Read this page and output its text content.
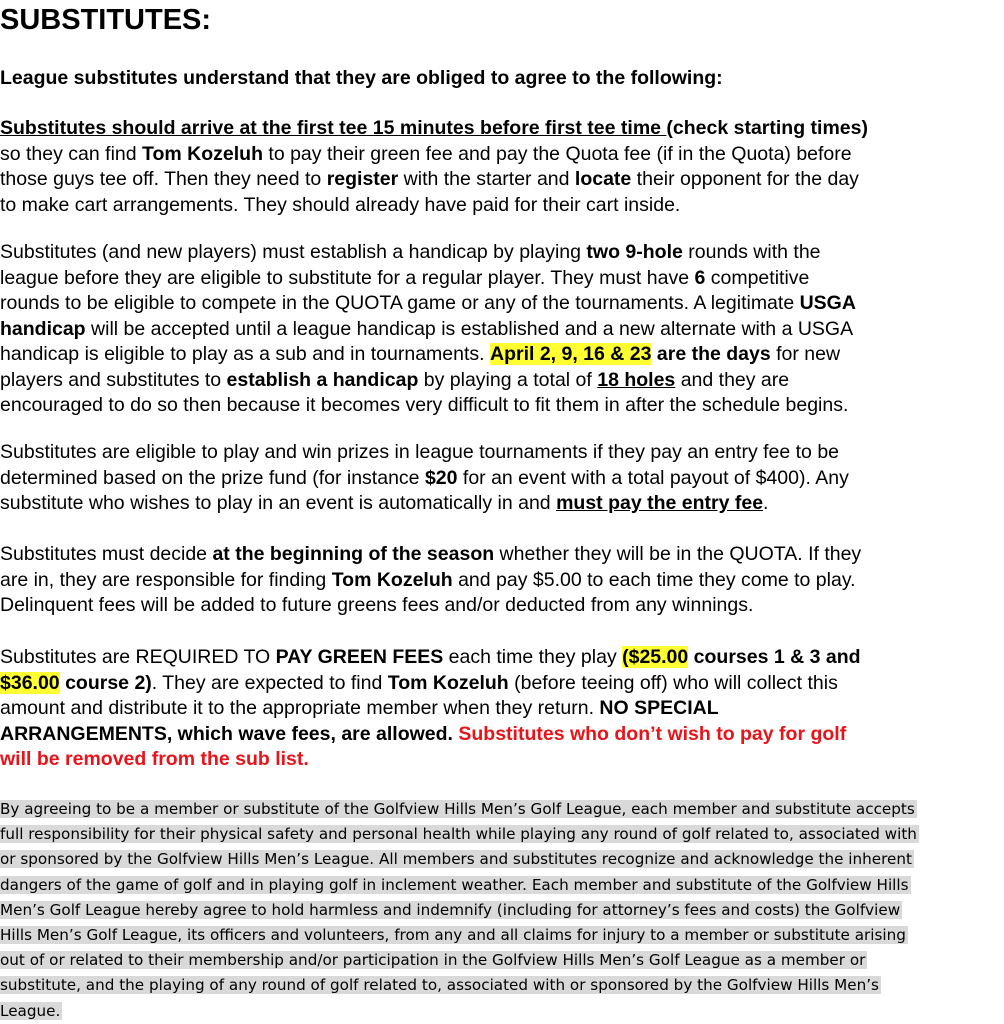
SUBSTITUTES:

League substitutes understand that they are obliged to agree to the following:

Substitutes should arrive at the first tee 15 minutes before first tee time (check starting times)
so they can find Tom Kozeluh to pay their green fee and pay the Quota fee (if in the Quota) before
those guys tee off. Then they need to register with the starter and locate their opponent for the day
to make cart arrangements. They should already have paid for their cart inside.
Substitutes (and new players) must establish a handicap by playing two 9-hole rounds with the
league before they are eligible to substitute for a regular player. They must have 6 competitive
rounds to be eligible to compete in the QUOTA game or any of the tournaments. A legitimate USGA
handicap will be accepted until a league handicap is established and a new alternate with a USGA
handicap is eligible to play as a sub and in tournaments. April 2, 9, 16 & 23 are the days for new
players and substitutes to establish a handicap by playing a total of 18 holes and they are
encouraged to do so then because it becomes very difficult to fit them in after the schedule begins.
Substitutes are eligible to play and win prizes in league tournaments if they pay an entry fee to be
determined based on the prize fund (for instance $20 for an event with a total payout of $400). Any
substitute who wishes to play in an event is automatically in and must pay the entry fee.
Substitutes must decide at the beginning of the season whether they will be in the QUOTA. If they
are in, they are responsible for finding Tom Kozeluh and pay $5.00 to each time they come to play.
Delinquent fees will be added to future greens fees and/or deducted from any winnings.
Substitutes are REQUIRED TO PAY GREEN FEES each time they play ($25.00 courses 1 & 3 and
$36.00 course 2). They are expected to find Tom Kozeluh (before teeing off) who will collect this
amount and distribute it to the appropriate member when they return. NO SPECIAL
ARRANGEMENTS, which wave fees, are allowed. Substitutes who don’t wish to pay for golf
will be removed from the sub list.
By agreeing to be a member or substitute of the Golfview Hills Men’s Golf League, each member and substitute accepts
full responsibility for their physical safety and personal health while playing any round of golf related to, associated with
or sponsored by the Golfview Hills Men’s League. All members and substitutes recognize and acknowledge the inherent
dangers of the game of golf and in playing golf in inclement weather. Each member and substitute of the Golfview Hills
Men’s Golf League hereby agree to hold harmless and indemnify (including for attorney’s fees and costs) the Golfview
Hills Men’s Golf League, its officers and volunteers, from any and all claims for injury to a member or substitute arising
out of or related to their membership and/or participation in the Golfview Hills Men’s Golf League as a member or
substitute, and the playing of any round of golf related to, associated with or sponsored by the Golfview Hills Men’s
League.
